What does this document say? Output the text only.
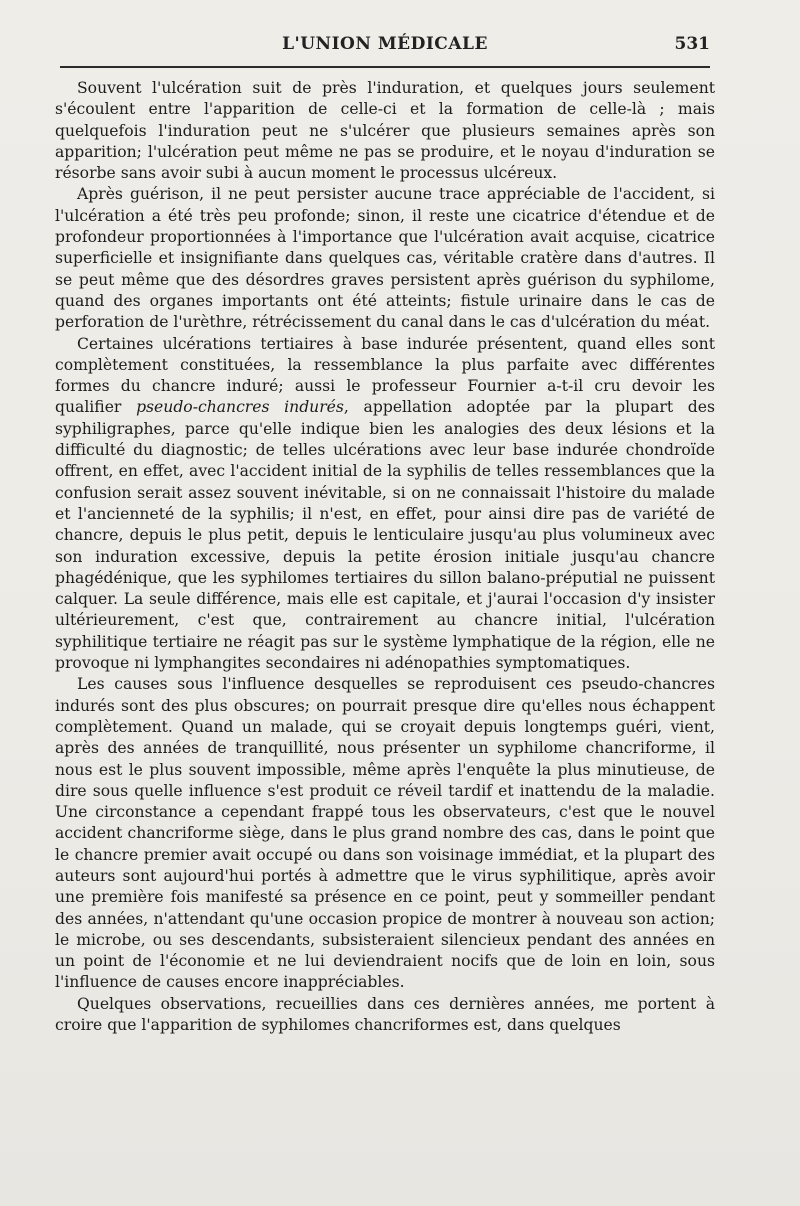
L'UNION MÉDICALE	531

Souvent l'ulcération suit de près l'induration, et quelques jours seulement s'écoulent entre l'apparition de celle-ci et la formation de celle-là ; mais quelquefois l'induration peut ne s'ulcérer que plusieurs semaines après son apparition; l'ulcération peut même ne pas se produire, et le noyau d'induration se résorbe sans avoir subi à aucun moment le processus ulcéreux.

Après guérison, il ne peut persister aucune trace appréciable de l'accident, si l'ulcération a été très peu profonde; sinon, il reste une cicatrice d'étendue et de profondeur proportionnées à l'importance que l'ulcération avait acquise, cicatrice superficielle et insignifiante dans quelques cas, véritable cratère dans d'autres. Il se peut même que des désordres graves persistent après guérison du syphilome, quand des organes importants ont été atteints; fistule urinaire dans le cas de perforation de l'urèthre, rétrécissement du canal dans le cas d'ulcération du méat.

Certaines ulcérations tertiaires à base indurée présentent, quand elles sont complètement constituées, la ressemblance la plus parfaite avec différentes formes du chancre induré; aussi le professeur Fournier a-t-il cru devoir les qualifier pseudo-chancres indurés, appellation adoptée par la plupart des syphiligraphes, parce qu'elle indique bien les analogies des deux lésions et la difficulté du diagnostic; de telles ulcérations avec leur base indurée chondroïde offrent, en effet, avec l'accident initial de la syphilis de telles ressemblances que la confusion serait assez souvent inévitable, si on ne connaissait l'histoire du malade et l'ancienneté de la syphilis; il n'est, en effet, pour ainsi dire pas de variété de chancre, depuis le plus petit, depuis le lenticulaire jusqu'au plus volumineux avec son induration excessive, depuis la petite érosion initiale jusqu'au chancre phagédénique, que les syphilomes tertiaires du sillon balano-préputial ne puissent calquer. La seule différence, mais elle est capitale, et j'aurai l'occasion d'y insister ultérieurement, c'est que, contrairement au chancre initial, l'ulcération syphilitique tertiaire ne réagit pas sur le système lymphatique de la région, elle ne provoque ni lymphangites secondaires ni adénopathies symptomatiques.

Les causes sous l'influence desquelles se reproduisent ces pseudo-chancres indurés sont des plus obscures; on pourrait presque dire qu'elles nous échappent complètement. Quand un malade, qui se croyait depuis longtemps guéri, vient, après des années de tranquillité, nous présenter un syphilome chancriforme, il nous est le plus souvent impossible, même après l'enquête la plus minutieuse, de dire sous quelle influence s'est produit ce réveil tardif et inattendu de la maladie. Une circonstance a cependant frappé tous les observateurs, c'est que le nouvel accident chancriforme siège, dans le plus grand nombre des cas, dans le point que le chancre premier avait occupé ou dans son voisinage immédiat, et la plupart des auteurs sont aujourd'hui portés à admettre que le virus syphilitique, après avoir une première fois manifesté sa présence en ce point, peut y sommeiller pendant des années, n'attendant qu'une occasion propice de montrer à nouveau son action; le microbe, ou ses descendants, subsisteraient silencieux pendant des années en un point de l'économie et ne lui deviendraient nocifs que de loin en loin, sous l'influence de causes encore inappréciables.

Quelques observations, recueillies dans ces dernières années, me portent à croire que l'apparition de syphilomes chancriformes est, dans quelques
